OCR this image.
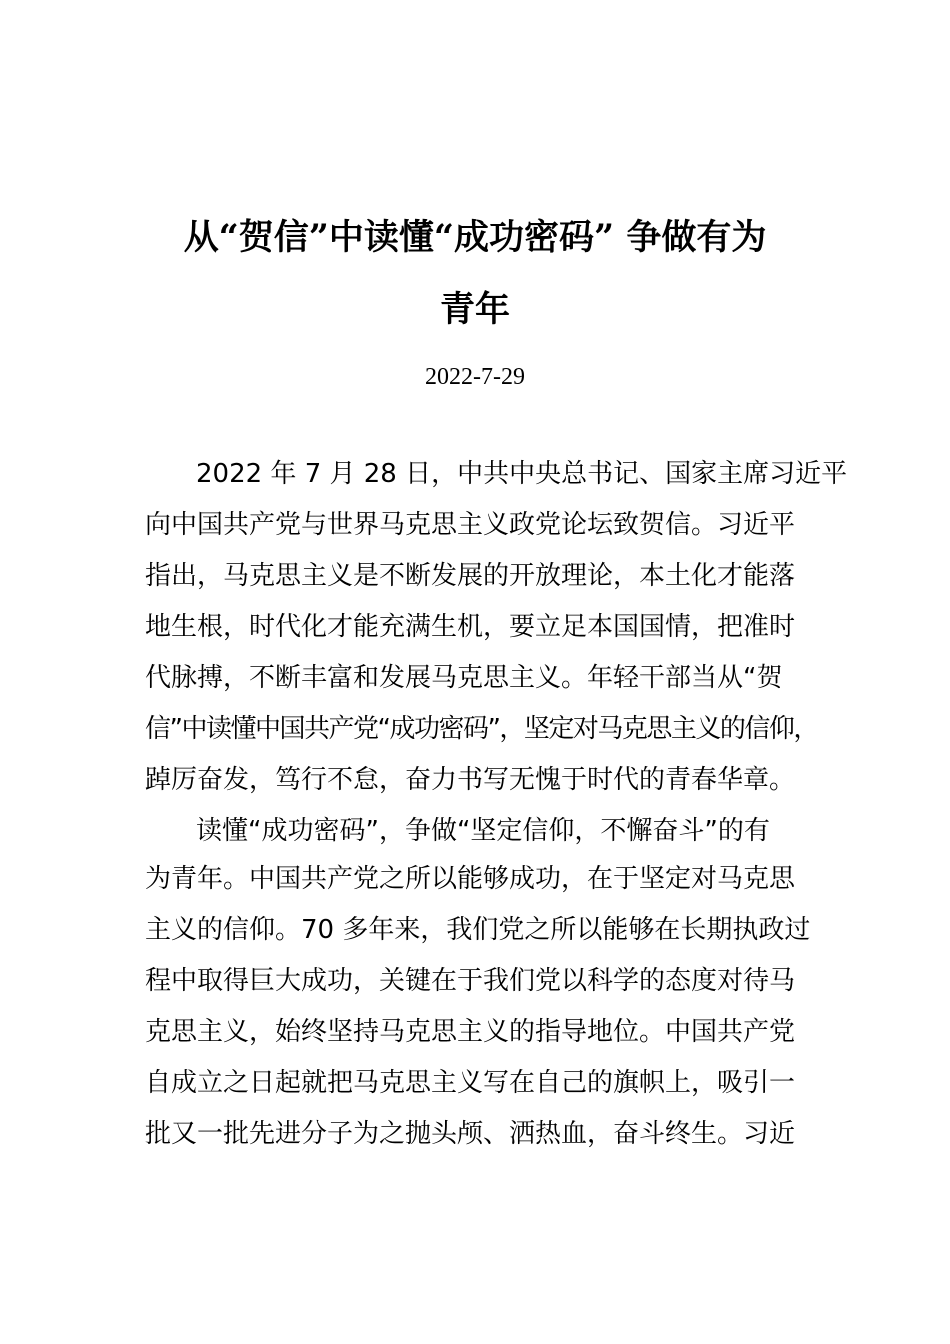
从“贺信”中读懂“成功密码” 争做有为
青年
2022-7-29
2022 年 7 月 28 日，中共中央总书记、国家主席习近平
向中国共产党与世界马克思主义政党论坛致贺信。习近平
指出，马克思主义是不断发展的开放理论，本土化才能落
地生根，时代化才能充满生机，要立足本国国情，把准时
代脉搏，不断丰富和发展马克思主义。年轻干部当从“贺
信”中读懂中国共产党“成功密码”，坚定对马克思主义的信仰，
踔厉奋发，笃行不怠，奋力书写无愧于时代的青春华章。
读懂“成功密码”，争做“坚定信仰，不懈奋斗”的有
为青年。中国共产党之所以能够成功，在于坚定对马克思
主义的信仰。70 多年来，我们党之所以能够在长期执政过
程中取得巨大成功，关键在于我们党以科学的态度对待马
克思主义，始终坚持马克思主义的指导地位。中国共产党
自成立之日起就把马克思主义写在自己的旗帜上，吸引一
批又一批先进分子为之抛头颅、洒热血，奋斗终生。习近
